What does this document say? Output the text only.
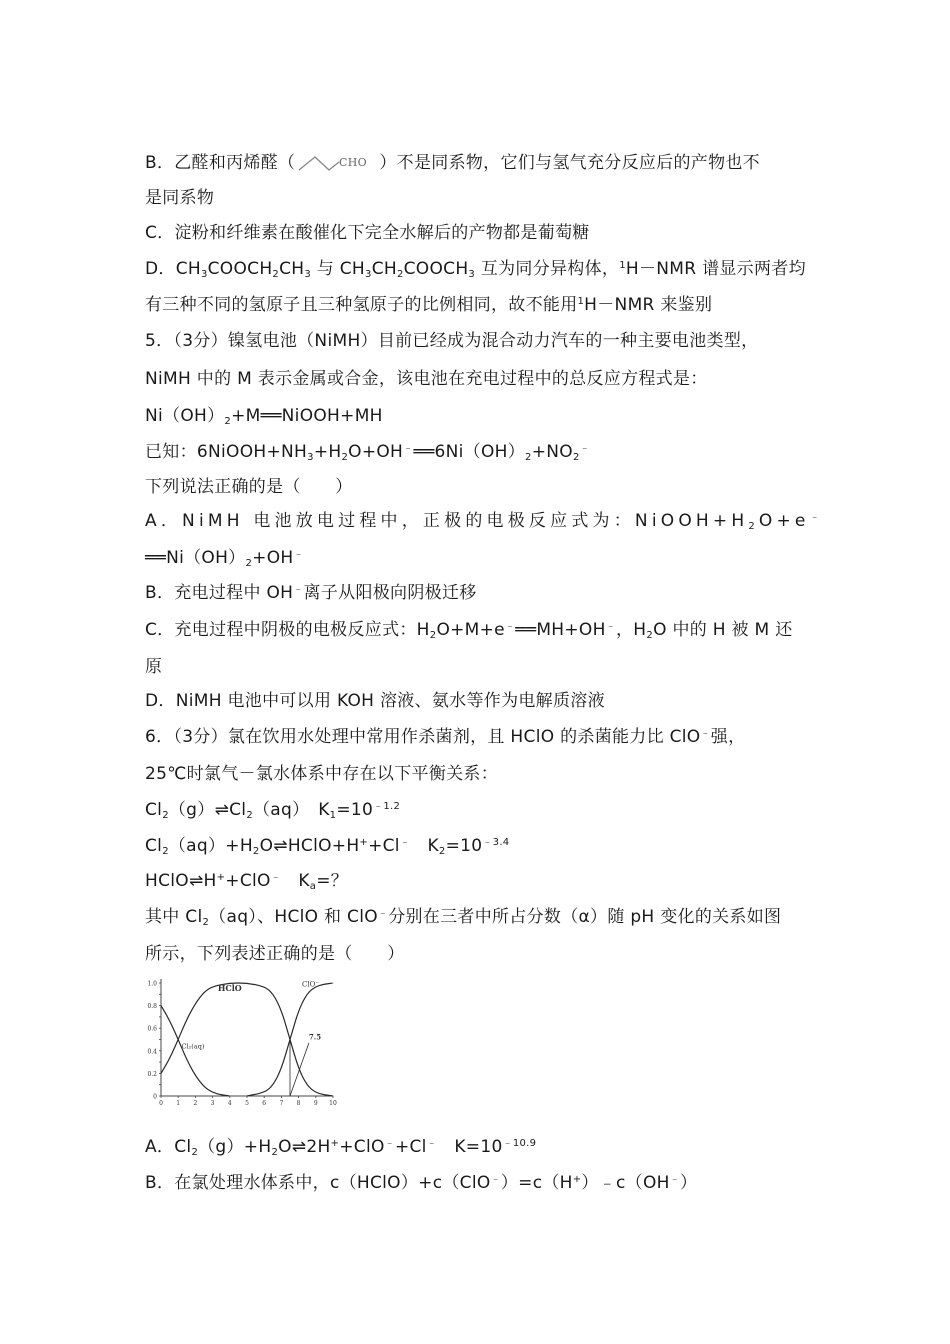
B．乙醛和丙烯醛（	CHO ）不是同系物，它们与氢气充分反应后的产物也不
是同系物
C．淀粉和纤维素在酸催化下完全水解后的产物都是葡萄糖
D．$CH_3COOCH_2CH_3$ 与 $CH_3CH_2COOCH_3$ 互为同分异构体，$^1$H－NMR 谱显示两者均
有三种不同的氢原子且三种氢原子的比例相同，故不能用$^1$H－NMR 来鉴别
5．（3分）镍氢电池（NiMH）目前已经成为混合动力汽车的一种主要电池类型，
NiMH 中的 M 表示金属或合金，该电池在充电过程中的总反应方程式是：
$Ni(OH)_2+M══NiOOH+MH$
已知：$6NiOOH+NH_3+H_2O+OH^﹣══6Ni(OH)_2+NO_2^﹣$
下列说法正确的是（　　）
A．NiMH 电池放电过程中，正极的电极反应式为：$NiOOH+H_2O+e^﹣$
$══Ni(OH)_2+OH^﹣$
B．充电过程中 OH﹣离子从阳极向阴极迁移
C．充电过程中阴极的电极反应式：$H_2O+M+e^﹣══MH+OH^﹣$，$H_2O$ 中的 H 被 M 还
原
D．NiMH 电池中可以用 KOH 溶液、氨水等作为电解质溶液
6．（3分）氯在饮用水处理中常用作杀菌剂，且 HClO 的杀菌能力比 ClO﹣强，
25℃时氯气－氯水体系中存在以下平衡关系：
$Cl_2(g)\rightleftharpoons Cl_2(aq)$　$K_1=10^{﹣1.2}$
$Cl_2(aq)+H_2O\rightleftharpoons HClO+H^++Cl^﹣$　$K_2=10^{﹣3.4}$
HClO⇌H++ClO﹣　$K_a=$？
其中 $Cl_2(aq)$、HClO 和 ClO﹣分别在三者中所占分数（α）随 pH 变化的关系如图
所示，下列表述正确的是（　　）
0
0.2
0.4
0.6
0.8
1.0
0 1 2 3 4 5 6 7 8 9 10
HClO	ClO⁻
Cl₂(aq)
7.5
A．$Cl_2(g)+H_2O\rightleftharpoons 2H^++ClO^﹣+Cl^﹣$　$K=10^{﹣10.9}$
B．在氯处理水体系中，c（HClO）+c（ClO﹣）=c（H+）﹣c（OH﹣）
